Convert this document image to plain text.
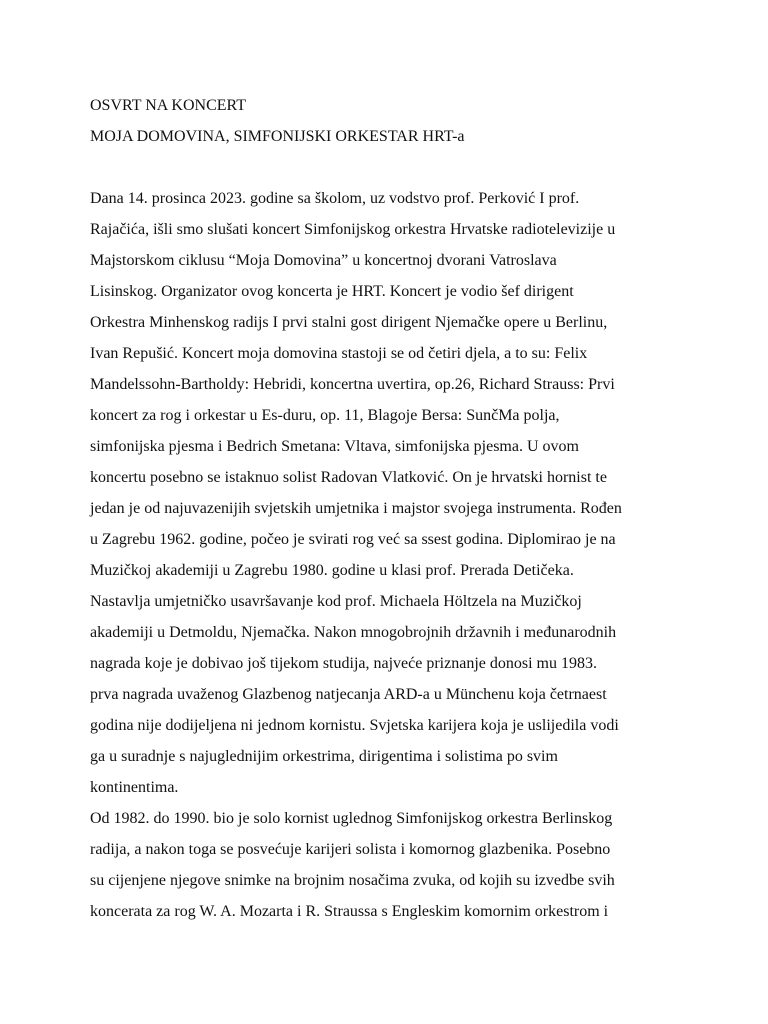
OSVRT NA KONCERT
MOJA DOMOVINA, SIMFONIJSKI ORKESTAR HRT-a
Dana 14. prosinca 2023. godine sa školom, uz vodstvo prof. Perković I prof.
Rajačića, išli smo slušati koncert Simfonijskog orkestra Hrvatske radiotelevizije u
Majstorskom ciklusu “Moja Domovina” u koncertnoj dvorani Vatroslava
Lisinskog. Organizator ovog koncerta je HRT. Koncert je vodio šef dirigent
Orkestra Minhenskog radijs I prvi stalni gost dirigent Njemačke opere u Berlinu,
Ivan Repušić. Koncert moja domovina stastoji se od četiri djela, a to su: Felix
Mandelssohn-Bartholdy: Hebridi, koncertna uvertira, op.26, Richard Strauss: Prvi
koncert za rog i orkestar u Es-duru, op. 11, Blagoje Bersa: SunčMa polja,
simfonijska pjesma i Bedrich Smetana: Vltava, simfonijska pjesma. U ovom
koncertu posebno se istaknuo solist Radovan Vlatković. On je hrvatski hornist te
jedan je od najuvazenijih svjetskih umjetnika i majstor svojega instrumenta. Rođen
u Zagrebu 1962. godine, počeo je svirati rog već sa ssest godina. Diplomirao je na
Muzičkoj akademiji u Zagrebu 1980. godine u klasi prof. Prerada Detičeka.
Nastavlja umjetničko usavršavanje kod prof. Michaela Höltzela na Muzičkoj
akademiji u Detmoldu, Njemačka. Nakon mnogobrojnih državnih i međunarodnih
nagrada koje je dobivao još tijekom studija, najveće priznanje donosi mu 1983.
prva nagrada uvaženog Glazbenog natjecanja ARD-a u Münchenu koja četrnaest
godina nije dodijeljena ni jednom kornistu. Svjetska karijera koja je uslijedila vodi
ga u suradnje s najuglednijim orkestrima, dirigentima i solistima po svim
kontinentima.
Od 1982. do 1990. bio je solo kornist uglednog Simfonijskog orkestra Berlinskog
radija, a nakon toga se posvećuje karijeri solista i komornog glazbenika. Posebno
su cijenjene njegove snimke na brojnim nosačima zvuka, od kojih su izvedbe svih
koncerata za rog W. A. Mozarta i R. Straussa s Engleskim komornim orkestrom i
